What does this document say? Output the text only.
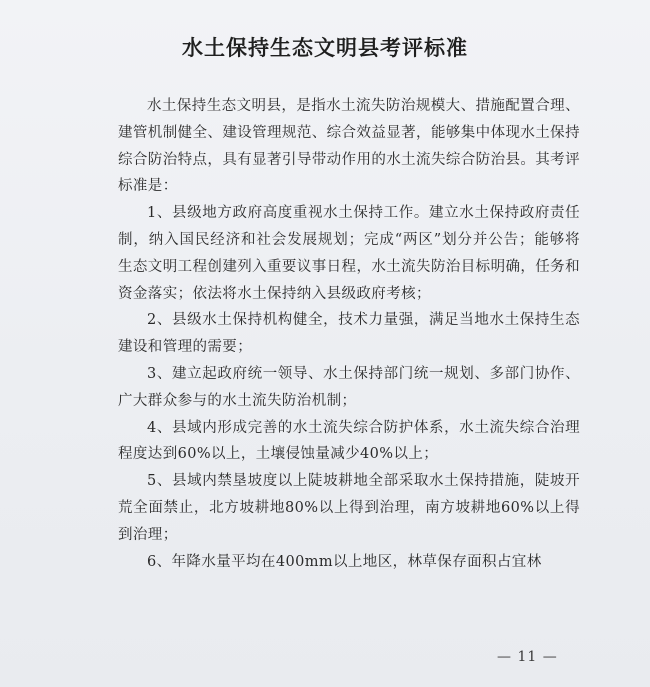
水土保持生态文明县考评标准

水土保持生态文明县，是指水土流失防治规模大、措施配置合理、建管机制健全、建设管理规范、综合效益显著，能够集中体现水土保持综合防治特点，具有显著引导带动作用的水土流失综合防治县。其考评标准是：

1、县级地方政府高度重视水土保持工作。建立水土保持政府责任制，纳入国民经济和社会发展规划；完成“两区”划分并公告；能够将生态文明工程创建列入重要议事日程，水土流失防治目标明确，任务和资金落实；依法将水土保持纳入县级政府考核；

2、县级水土保持机构健全，技术力量强，满足当地水土保持生态建设和管理的需要；

3、建立起政府统一领导、水土保持部门统一规划、多部门协作、广大群众参与的水土流失防治机制；

4、县域内形成完善的水土流失综合防护体系，水土流失综合治理程度达到60%以上，土壤侵蚀量减少40%以上；

5、县域内禁垦坡度以上陡坡耕地全部采取水土保持措施，陡坡开荒全面禁止，北方坡耕地80%以上得到治理，南方坡耕地60%以上得到治理；

6、年降水量平均在400mm以上地区，林草保存面积占宜林

— 11 —
